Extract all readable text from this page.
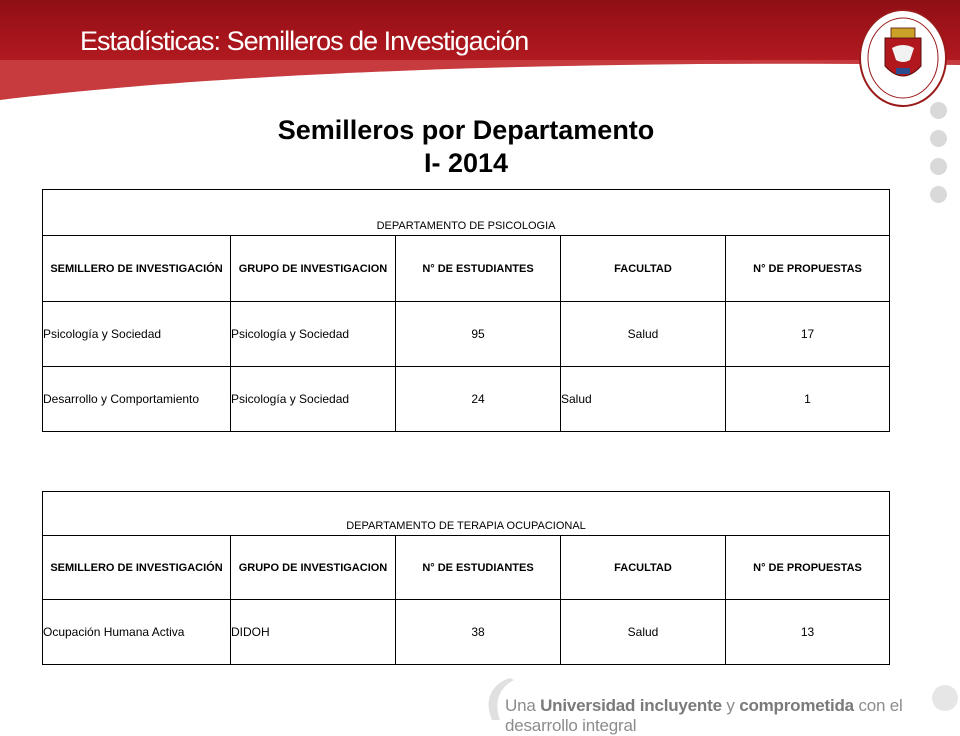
Estadísticas: Semilleros de Investigación
Semilleros por Departamento
I- 2014
DEPARTAMENTO DE PSICOLOGIA				
SEMILLERO DE INVESTIGACIÓN	GRUPO DE INVESTIGACION	N° DE ESTUDIANTES	FACULTAD	N° DE PROPUESTAS
Psicología y Sociedad	Psicología y Sociedad	95	Salud	17
Desarrollo y Comportamiento	Psicología y Sociedad	24	Salud	1
DEPARTAMENTO DE TERAPIA OCUPACIONAL				
SEMILLERO DE INVESTIGACIÓN	GRUPO DE INVESTIGACION	N° DE ESTUDIANTES	FACULTAD	N° DE PROPUESTAS
Ocupación Humana Activa	DIDOH	38	Salud	13
Una Universidad incluyente y comprometida con el desarrollo integral
